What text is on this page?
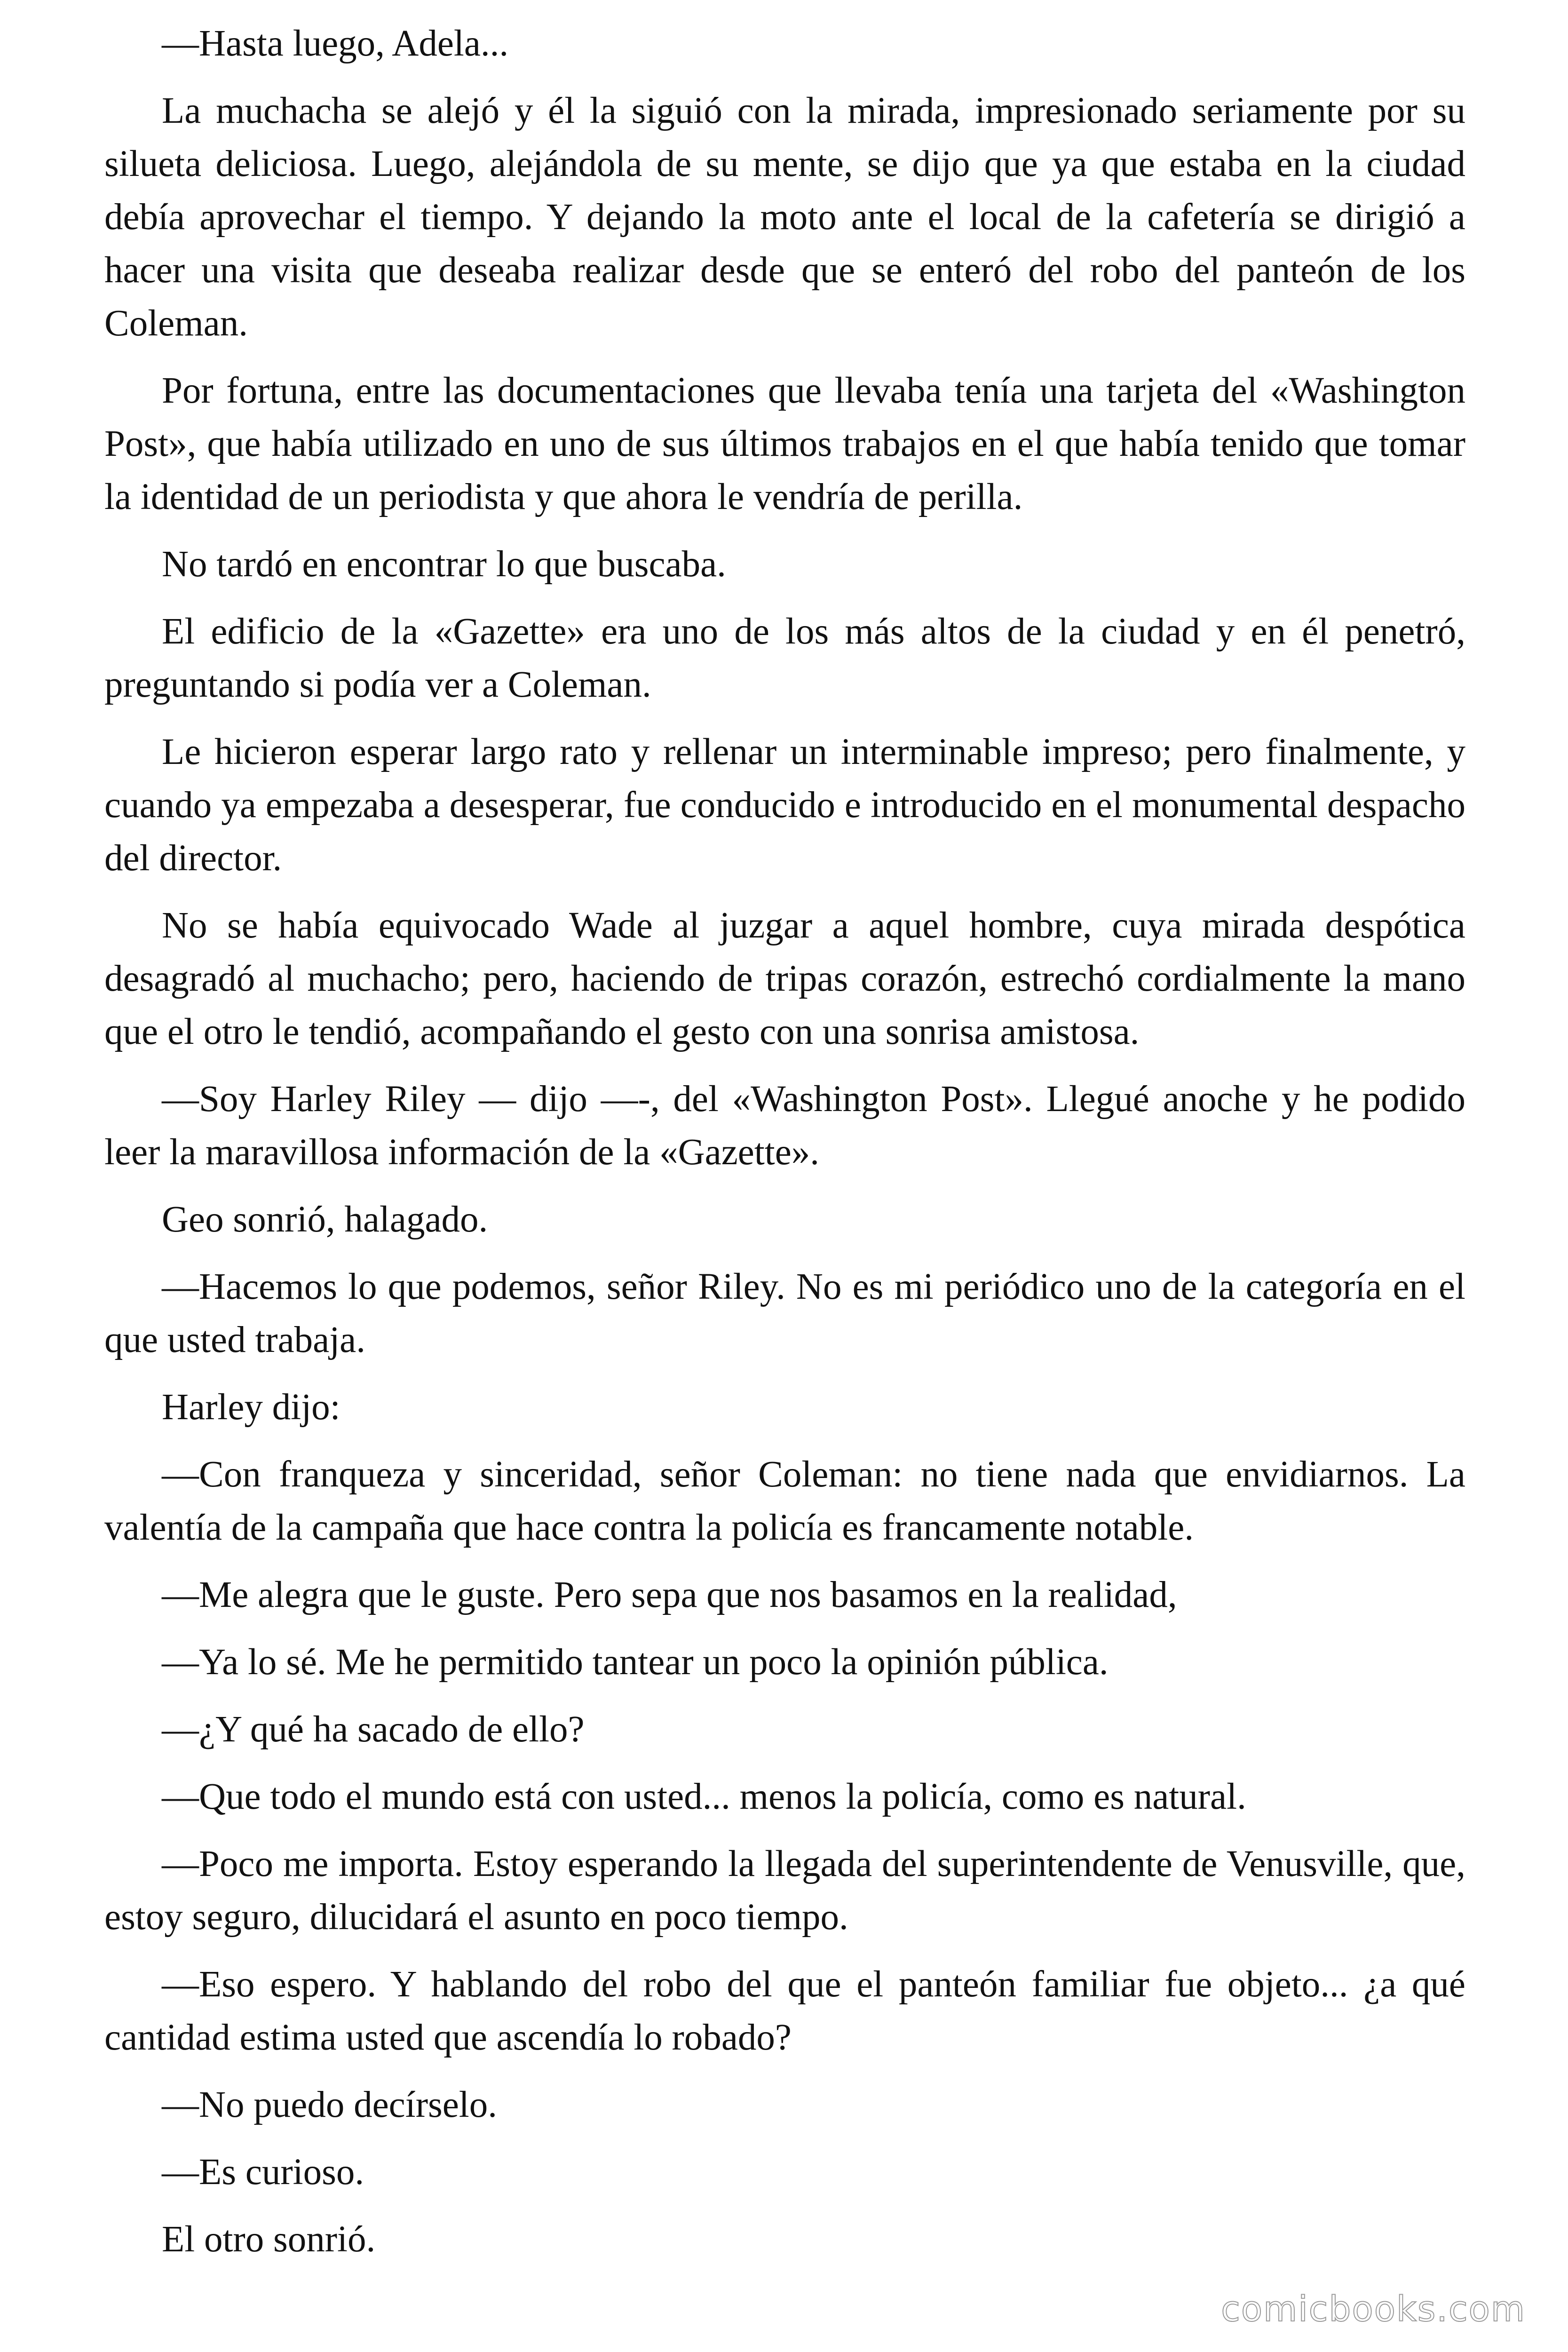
—Hasta luego, Adela...

La muchacha se alejó y él la siguió con la mirada, impresionado seriamente por su silueta deliciosa. Luego, alejándola de su mente, se dijo que ya que estaba en la ciudad debía aprovechar el tiempo. Y dejando la moto ante el local de la cafetería se dirigió a hacer una visita que deseaba realizar desde que se enteró del robo del panteón de los Coleman.

Por fortuna, entre las documentaciones que llevaba tenía una tarjeta del «Washington Post», que había utilizado en uno de sus últimos trabajos en el que había tenido que tomar la identidad de un periodista y que ahora le vendría de perilla.

No tardó en encontrar lo que buscaba.

El edificio de la «Gazette» era uno de los más altos de la ciudad y en él penetró, preguntando si podía ver a Coleman.

Le hicieron esperar largo rato y rellenar un interminable impreso; pero finalmente, y cuando ya empezaba a desesperar, fue conducido e introducido en el monumental despacho del director.

No se había equivocado Wade al juzgar a aquel hombre, cuya mirada despótica desagradó al muchacho; pero, haciendo de tripas corazón, estrechó cordialmente la mano que el otro le tendió, acompañando el gesto con una sonrisa amistosa.

—Soy Harley Riley — dijo —-, del «Washington Post». Llegué anoche y he podido leer la maravillosa información de la «Gazette».

Geo sonrió, halagado.

—Hacemos lo que podemos, señor Riley. No es mi periódico uno de la categoría en el que usted trabaja.

Harley dijo:

—Con franqueza y sinceridad, señor Coleman: no tiene nada que envidiarnos. La valentía de la campaña que hace contra la policía es francamente notable.

—Me alegra que le guste. Pero sepa que nos basamos en la realidad,

—Ya lo sé. Me he permitido tantear un poco la opinión pública.

—¿Y qué ha sacado de ello?

—Que todo el mundo está con usted... menos la policía, como es natural.

—Poco me importa. Estoy esperando la llegada del superintendente de Venusville, que, estoy seguro, dilucidará el asunto en poco tiempo.

—Eso espero. Y hablando del robo del que el panteón familiar fue objeto... ¿a qué cantidad estima usted que ascendía lo robado?

—No puedo decírselo.

—Es curioso.

El otro sonrió.

comicbooks.com
